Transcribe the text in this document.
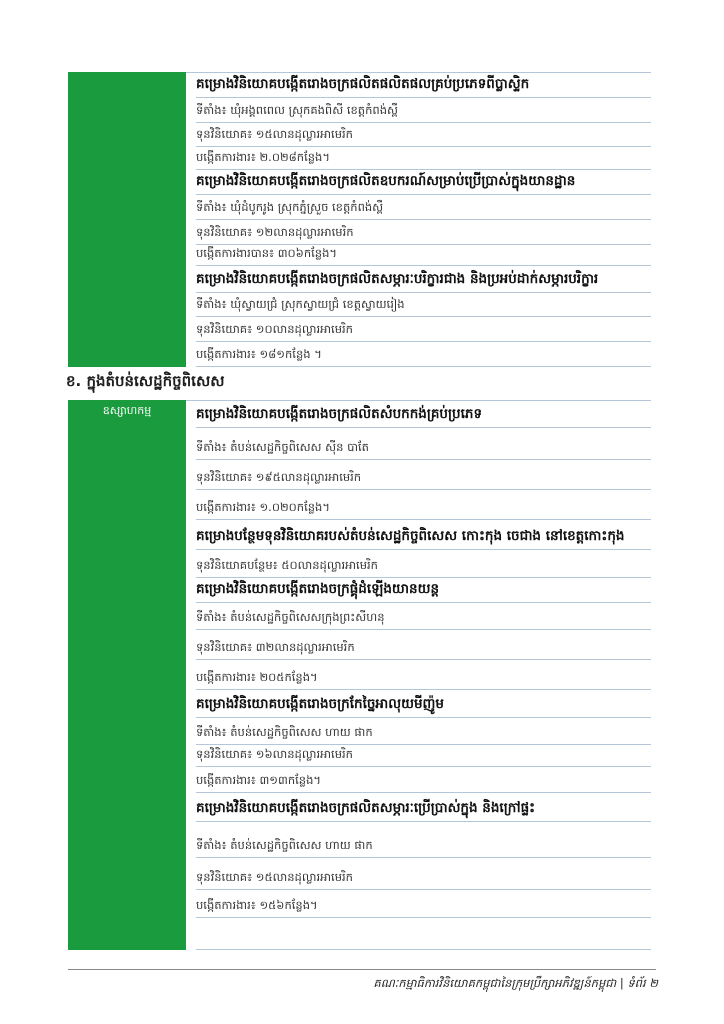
គម្រោងវិនិយោគបង្កើតរោងចក្រផលិតផលិតផលគ្រប់ប្រភេទពីប្លាស្ទិក
ទីតាំង៖ ឃុំអង្គពពេល ស្រុកគងពិសី ខេត្តកំពង់ស្ពឺ
ទុនវិនិយោគ៖ ១៥លានដុល្លារអាមេរិក
បង្កើតការងារ៖ ២.០២៨កន្លែង។
គម្រោងវិនិយោគបង្កើតរោងចក្រផលិតឧបករណ៍សម្រាប់ប្រើប្រាស់ក្នុងយានដ្ឋាន
ទីតាំង៖ ឃុំដំបូករូង ស្រុកភ្នំស្រួច ខេត្តកំពង់ស្ពឺ
ទុនវិនិយោគ៖ ១២លានដុល្លារអាមេរិក
បង្កើតការងារបាន៖ ៣០៦កន្លែង។
គម្រោងវិនិយោគបង្កើតរោងចក្រផលិតសម្ភារៈបរិក្ខារជាង និងប្រអប់ដាក់សម្ភារបរិក្ខារ
ទីតាំង៖ ឃុំស្វាយជ្រំ ស្រុកស្វាយជ្រំ ខេត្តស្វាយរៀង
ទុនវិនិយោគ៖ ១០លានដុល្លារអាមេរិក
បង្កើតការងារ៖ ១៨១កន្លែង ។
ខ. ក្នុងតំបន់សេដ្ឋកិច្ចពិសេស
ឧស្សាហកម្ម	គម្រោងវិនិយោគបង្កើតរោងចក្រផលិតសំបកកង់គ្រប់ប្រភេទ
ទីតាំង៖ តំបន់សេដ្ឋកិច្ចពិសេស ស៊ីន បាតែ
ទុនវិនិយោគ៖ ១៩៥លានដុល្លារអាមេរិក
បង្កើតការងារ៖ ១.០២០កន្លែង។
គម្រោងបន្ថែមទុនវិនិយោគរបស់តំបន់សេដ្ឋកិច្ចពិសេស កោះកុង ចេជាង នៅខេត្តកោះកុង
ទុនវិនិយោគបន្ថែម៖ ៥០លានដុល្លារអាមេរិក
គម្រោងវិនិយោគបង្កើតរោងចក្រផ្គុំដំឡើងយានយន្ត
ទីតាំង៖ តំបន់សេដ្ឋកិច្ចពិសេសក្រុងព្រះសីហនុ
ទុនវិនិយោគ៖ ៣២លានដុល្លារអាមេរិក
បង្កើតការងារ៖ ២០៥កន្លែង។
គម្រោងវិនិយោគបង្កើតរោងចក្រកែច្នៃអាលុយមីញ៉ូម
ទីតាំង៖ តំបន់សេដ្ឋកិច្ចពិសេស ហាយ ផាក
ទុនវិនិយោគ៖ ១៦លានដុល្លារអាមេរិក
បង្កើតការងារ៖ ៣១៣កន្លែង។
គម្រោងវិនិយោគបង្កើតរោងចក្រផលិតសម្ភារៈប្រើប្រាស់ក្នុង និងក្រៅផ្ទះ
ទីតាំង៖ តំបន់សេដ្ឋកិច្ចពិសេស ហាយ ផាក
ទុនវិនិយោគ៖ ១៥លានដុល្លារអាមេរិក
បង្កើតការងារ៖ ១៥៦កន្លែង។
គណៈកម្មាធិការវិនិយោគកម្ពុជានៃក្រុមប្រឹក្សាអភិវឌ្ឍន៍កម្ពុជា | ទំព័រ ២
